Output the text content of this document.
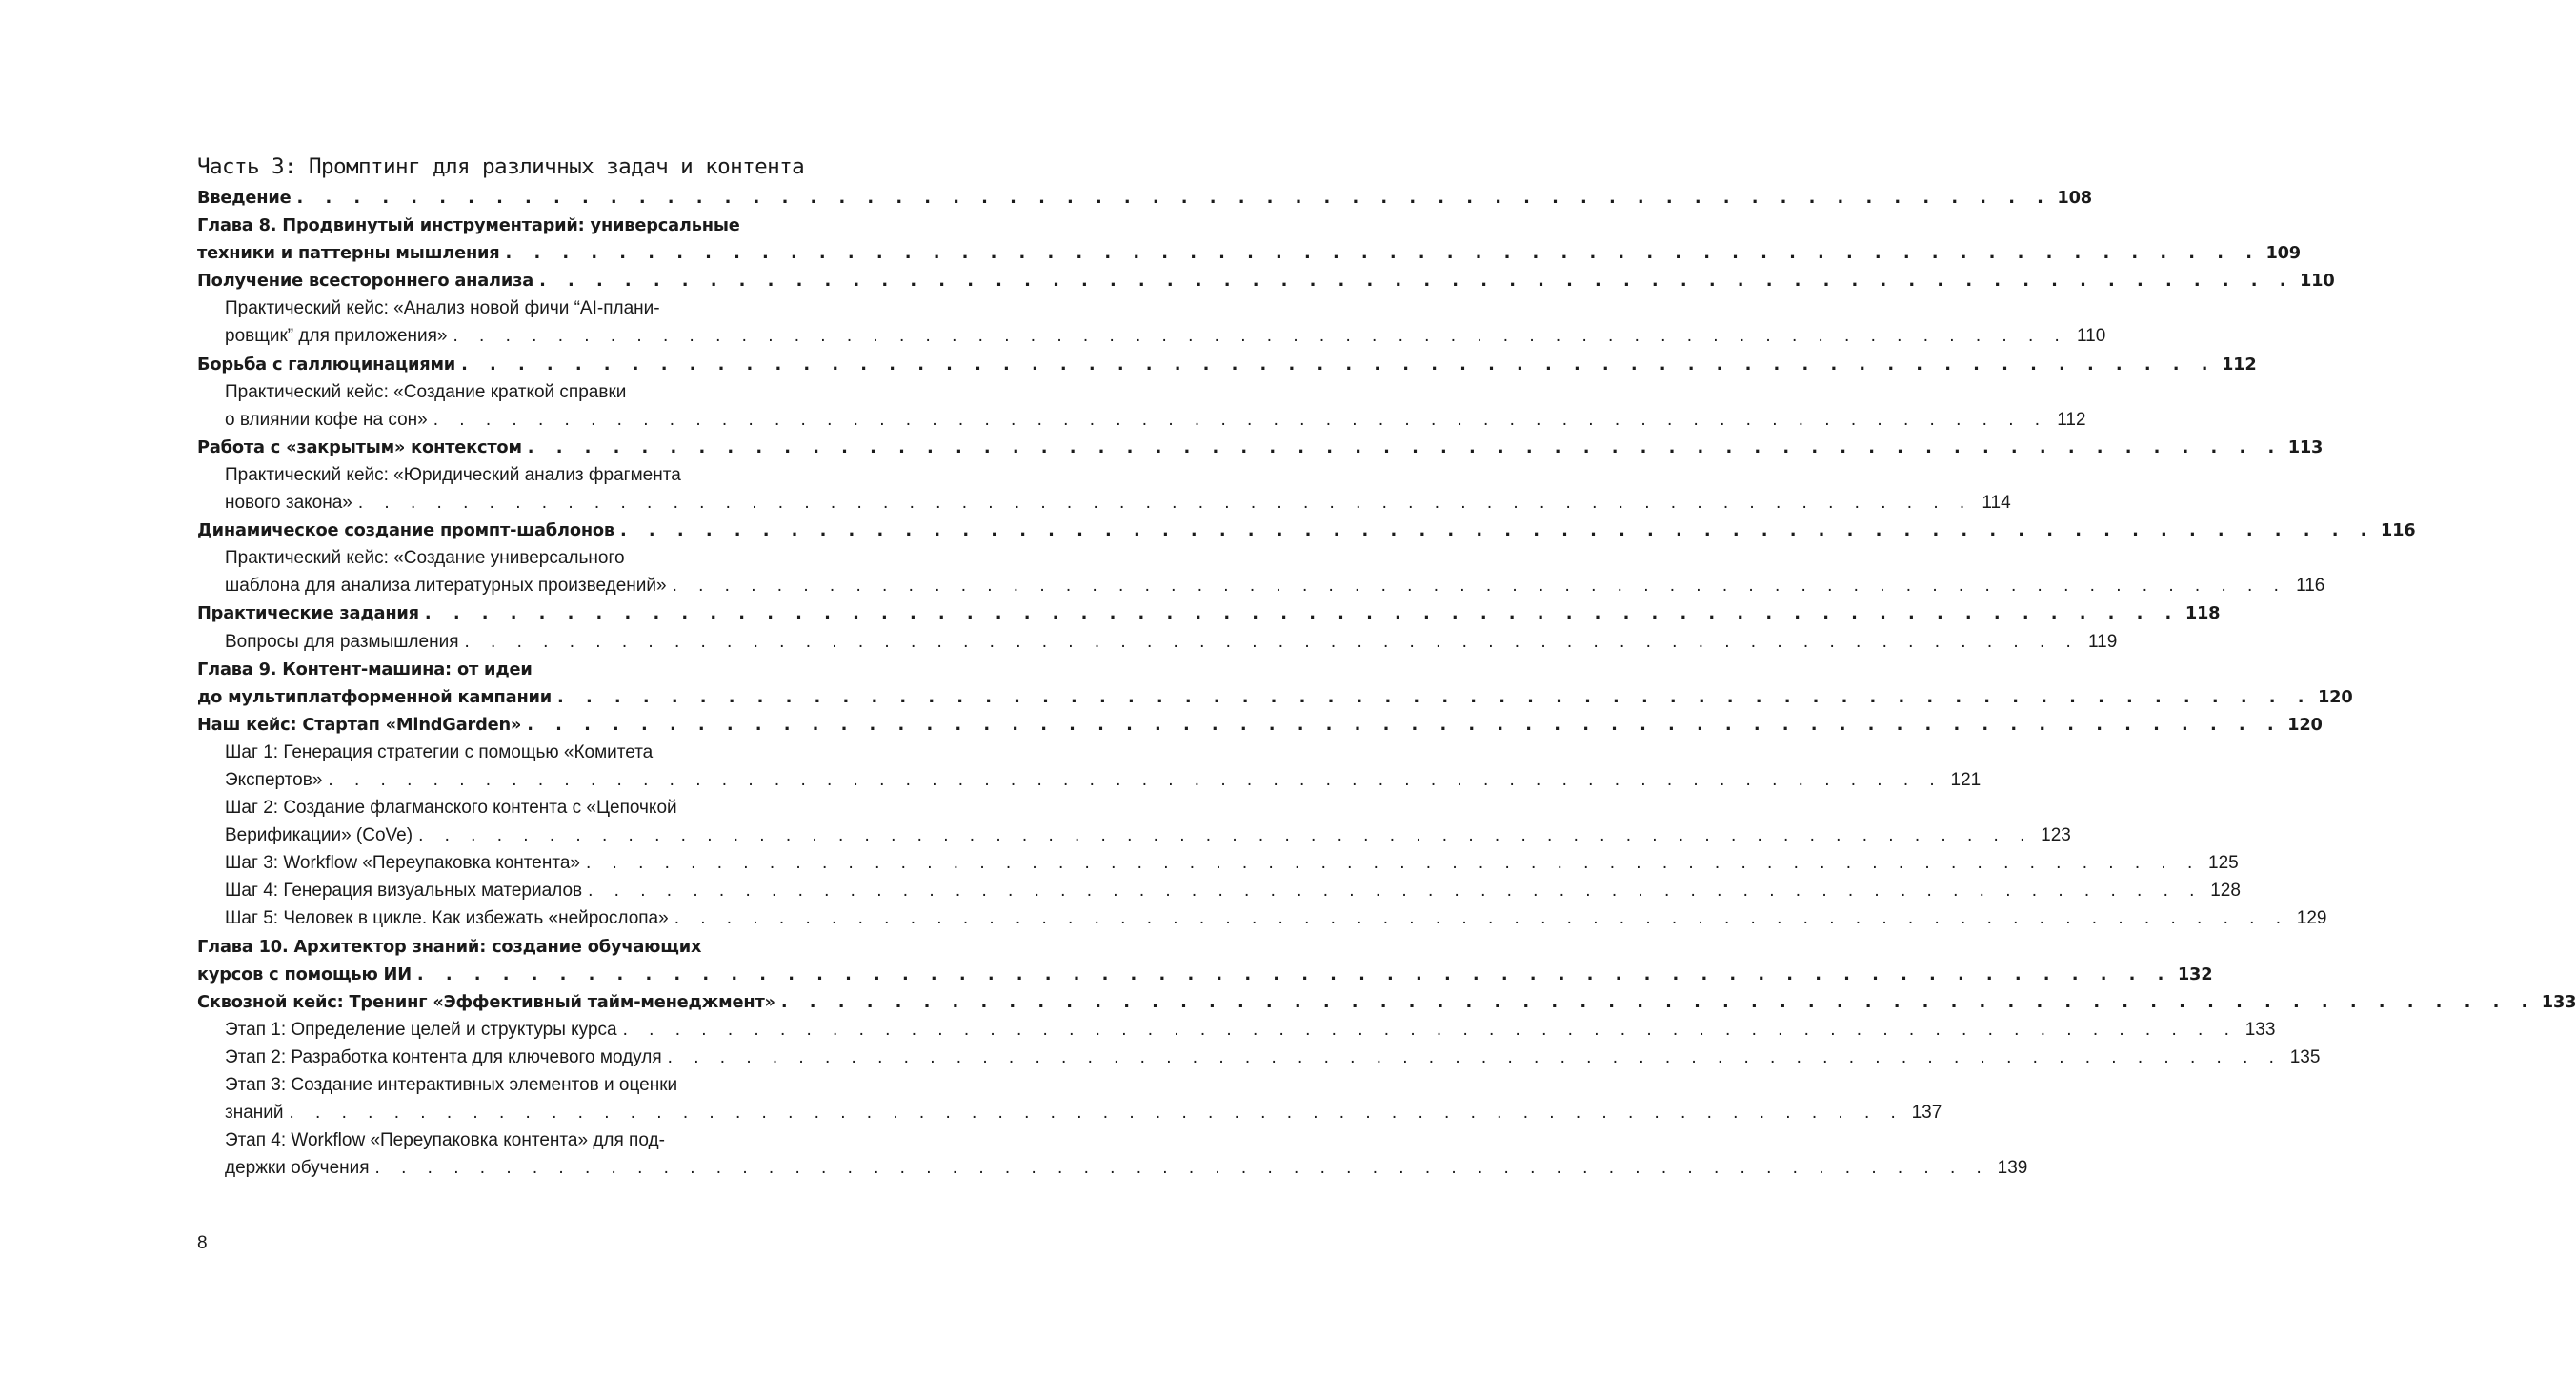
Часть 3: Промптинг для различных задач и контента
Введение . . . . . . . . . . . . . . . . . . . . . . . . . . . . . . . . . . . . . . . . . . . . . . . . . . . . . . . . . . . . . . 108
Глава 8. Продвинутый инструментарий: универсальные
техники и паттерны мышления . . . . . . . . . . . . . . . . . . . . . . . . . . . . . . . . . . . . . . . . . . . . . . . . . . . . . . . . . . . . . . 109
Получение всестороннего анализа . . . . . . . . . . . . . . . . . . . . . . . . . . . . . . . . . . . . . . . . . . . . . . . . . . . . . . . . . . . . . . 110
Практический кейс: «Анализ новой фичи “AI-плани-
ровщик” для приложения» . . . . . . . . . . . . . . . . . . . . . . . . . . . . . . . . . . . . . . . . . . . . . . . . . . . . . . . . . . . . . . 110
Борьба с галлюцинациями . . . . . . . . . . . . . . . . . . . . . . . . . . . . . . . . . . . . . . . . . . . . . . . . . . . . . . . . . . . . . . 112
Практический кейс: «Создание краткой справки
о влиянии кофе на сон» . . . . . . . . . . . . . . . . . . . . . . . . . . . . . . . . . . . . . . . . . . . . . . . . . . . . . . . . . . . . . . 112
Работа с «закрытым» контекстом . . . . . . . . . . . . . . . . . . . . . . . . . . . . . . . . . . . . . . . . . . . . . . . . . . . . . . . . . . . . . . 113
Практический кейс: «Юридический анализ фрагмента
нового закона» . . . . . . . . . . . . . . . . . . . . . . . . . . . . . . . . . . . . . . . . . . . . . . . . . . . . . . . . . . . . . . 114
Динамическое создание промпт-шаблонов . . . . . . . . . . . . . . . . . . . . . . . . . . . . . . . . . . . . . . . . . . . . . . . . . . . . . . . . . . . . . . 116
Практический кейс: «Создание универсального
шаблона для анализа литературных произведений» . . . . . . . . . . . . . . . . . . . . . . . . . . . . . . . . . . . . . . . . . . . . . . . . . . . . . . . . . . . . . . 116
Практические задания . . . . . . . . . . . . . . . . . . . . . . . . . . . . . . . . . . . . . . . . . . . . . . . . . . . . . . . . . . . . . . 118
Вопросы для размышления . . . . . . . . . . . . . . . . . . . . . . . . . . . . . . . . . . . . . . . . . . . . . . . . . . . . . . . . . . . . . . 119
Глава 9. Контент-машина: от идеи
до мультиплатформенной кампании . . . . . . . . . . . . . . . . . . . . . . . . . . . . . . . . . . . . . . . . . . . . . . . . . . . . . . . . . . . . . . 120
Наш кейс: Стартап «MindGarden» . . . . . . . . . . . . . . . . . . . . . . . . . . . . . . . . . . . . . . . . . . . . . . . . . . . . . . . . . . . . . . 120
Шаг 1: Генерация стратегии с помощью «Комитета
Экспертов» . . . . . . . . . . . . . . . . . . . . . . . . . . . . . . . . . . . . . . . . . . . . . . . . . . . . . . . . . . . . . . 121
Шаг 2: Создание флагманского контента с «Цепочкой
Верификации» (CoVe) . . . . . . . . . . . . . . . . . . . . . . . . . . . . . . . . . . . . . . . . . . . . . . . . . . . . . . . . . . . . . . 123
Шаг 3: Workflow «Переупаковка контента» . . . . . . . . . . . . . . . . . . . . . . . . . . . . . . . . . . . . . . . . . . . . . . . . . . . . . . . . . . . . . . 125
Шаг 4: Генерация визуальных материалов . . . . . . . . . . . . . . . . . . . . . . . . . . . . . . . . . . . . . . . . . . . . . . . . . . . . . . . . . . . . . . 128
Шаг 5: Человек в цикле. Как избежать «нейрослопа» . . . . . . . . . . . . . . . . . . . . . . . . . . . . . . . . . . . . . . . . . . . . . . . . . . . . . . . . . . . . . . 129
Глава 10. Архитектор знаний: создание обучающих
курсов с помощью ИИ . . . . . . . . . . . . . . . . . . . . . . . . . . . . . . . . . . . . . . . . . . . . . . . . . . . . . . . . . . . . . . 132
Сквозной кейс: Тренинг «Эффективный тайм-менеджмент» . . . . . . . . . . . . . . . . . . . . . . . . . . . . . . . . . . . . . . . . . . . . . . . . . . . . . . . . . . . . . . 133
Этап 1: Определение целей и структуры курса . . . . . . . . . . . . . . . . . . . . . . . . . . . . . . . . . . . . . . . . . . . . . . . . . . . . . . . . . . . . . . 133
Этап 2: Разработка контента для ключевого модуля . . . . . . . . . . . . . . . . . . . . . . . . . . . . . . . . . . . . . . . . . . . . . . . . . . . . . . . . . . . . . . 135
Этап 3: Создание интерактивных элементов и оценки
знаний . . . . . . . . . . . . . . . . . . . . . . . . . . . . . . . . . . . . . . . . . . . . . . . . . . . . . . . . . . . . . . 137
Этап 4: Workflow «Переупаковка контента» для под-
держки обучения . . . . . . . . . . . . . . . . . . . . . . . . . . . . . . . . . . . . . . . . . . . . . . . . . . . . . . . . . . . . . . 139
8
